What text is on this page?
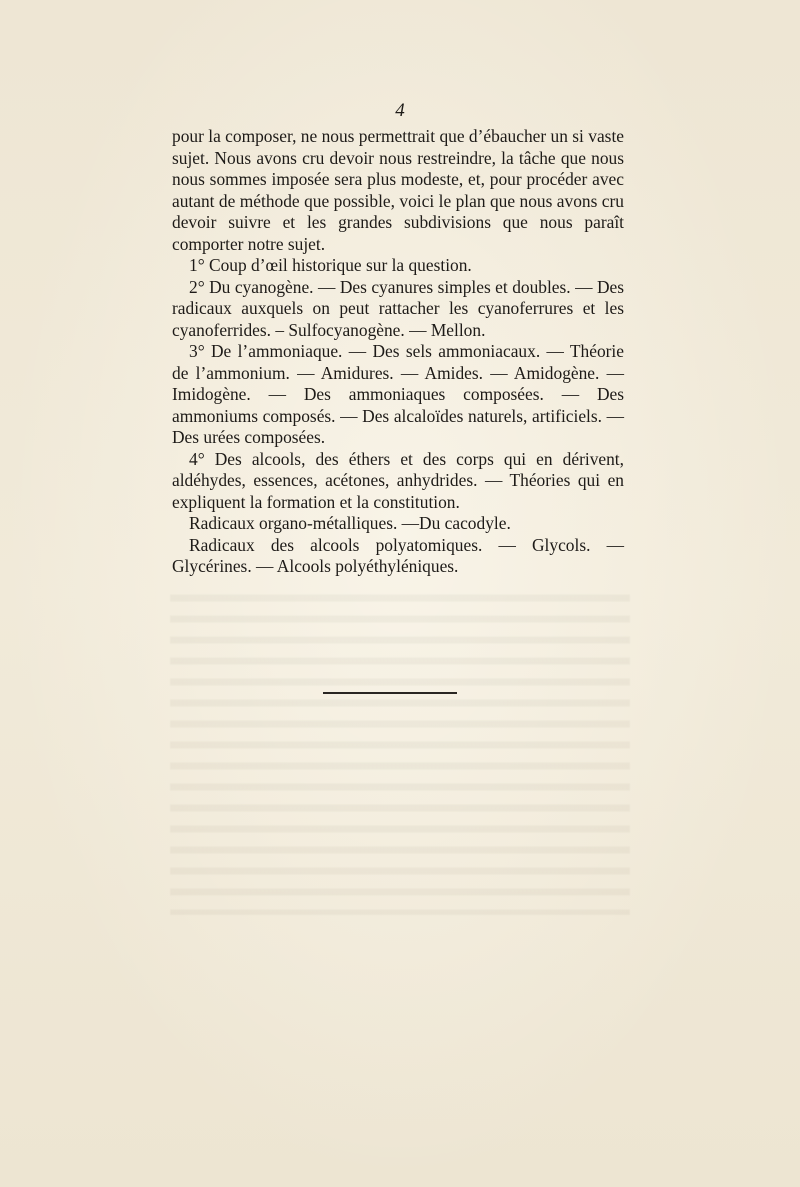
4

pour la composer, ne nous permettrait que d’ébaucher un si vaste sujet. Nous avons cru devoir nous restreindre, la tâche que nous nous sommes imposée sera plus modeste, et, pour procéder avec autant de méthode que possible, voici le plan que nous avons cru devoir suivre et les grandes subdivisions que nous paraît comporter notre sujet.

1° Coup d’œil historique sur la question.

2° Du cyanogène. — Des cyanures simples et doubles. — Des radicaux auxquels on peut rattacher les cyanoferrures et les cyanoferrides. – Sulfocyanogène. — Mellon.

3° De l’ammoniaque. — Des sels ammoniacaux. — Théorie de l’ammonium. — Amidures. — Amides. — Amidogène. — Imidogène. — Des ammoniaques composées. — Des ammoniums composés. — Des alcaloïdes naturels, artificiels. — Des urées composées.

4° Des alcools, des éthers et des corps qui en dérivent, aldéhydes, essences, acétones, anhydrides. — Théories qui en expliquent la formation et la constitution.

Radicaux organo-métalliques. —Du cacodyle.

Radicaux des alcools polyatomiques. — Glycols. — Glycérines. — Alcools polyéthyléniques.
